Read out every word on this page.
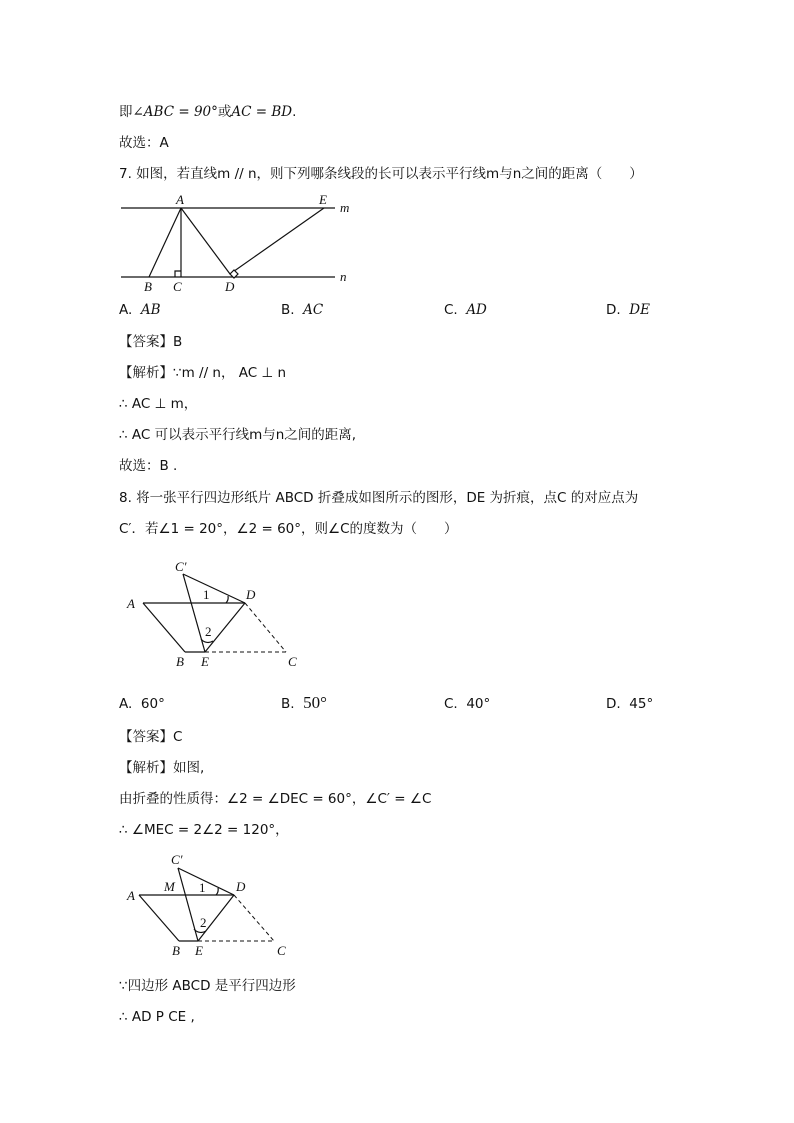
即∠ABC = 90°或AC = BD.
故选：A
7. 如图，若直线m // n，则下列哪条线段的长可以表示平行线m与n之间的距离（　　）
A	E
m
n
B C	D
A. AB	B. AC	C. AD	D. DE
【答案】B
【解析】∵m // n， AC ⊥ n
∴ AC ⊥ m，
∴ AC 可以表示平行线m与n之间的距离,
故选：B .
8. 将一张平行四边形纸片 ABCD 折叠成如图所示的图形，DE 为折痕，点C 的对应点为
C′．若∠1 = 20°，∠2 = 60°，则∠C的度数为（　　）
C′
A
D
1
2
B E	C
A. 60°	B. 50°	C. 40°	D. 45°
【答案】C
【解析】如图,
由折叠的性质得：∠2 = ∠DEC = 60°，∠C′ = ∠C
∴ ∠MEC = 2∠2 = 120°，
C′
M
A
D
1
2
B E	C
∵四边形 ABCD 是平行四边形
∴ AD P CE ,
